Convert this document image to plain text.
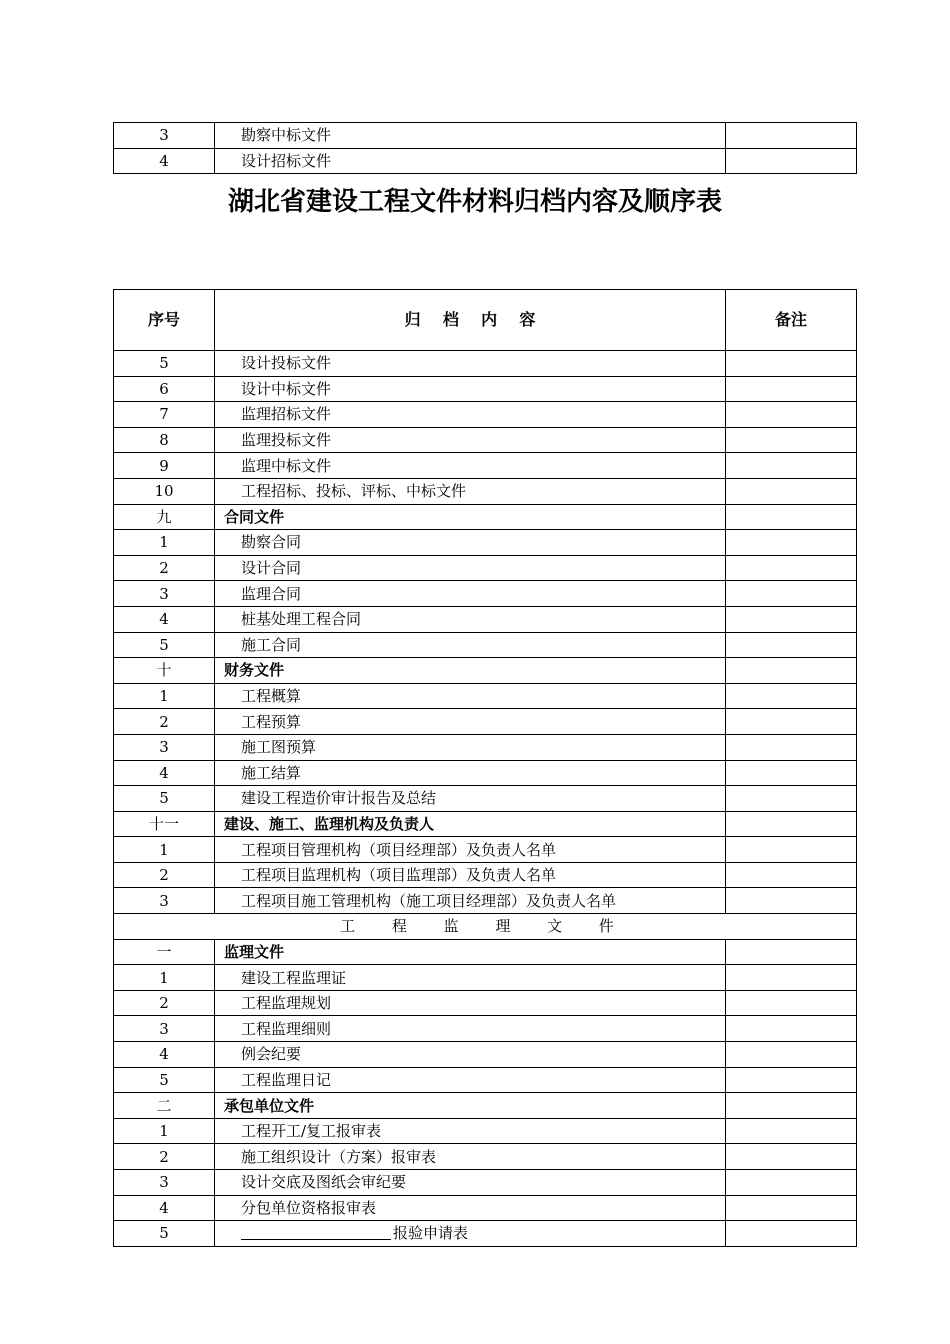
3	勘察中标文件	
4	设计招标文件	
湖北省建设工程文件材料归档内容及顺序表
序号	归    档    内    容	备注
5	设计投标文件	
6	设计中标文件	
7	监理招标文件	
8	监理投标文件	
9	监理中标文件	
10	工程招标、投标、评标、中标文件	
九	合同文件	
1	勘察合同	
2	设计合同	
3	监理合同	
4	桩基处理工程合同	
5	施工合同	
十	财务文件	
1	工程概算	
2	工程预算	
3	施工图预算	
4	施工结算	
5	建设工程造价审计报告及总结	
十一	建设、施工、监理机构及负责人	
1	工程项目管理机构（项目经理部）及负责人名单	
2	工程项目监理机构（项目监理部）及负责人名单	
3	工程项目施工管理机构（施工项目经理部）及负责人名单	
工 程 监 理 文 件		
一	监理文件	
1	建设工程监理证	
2	工程监理规划	
3	工程监理细则	
4	例会纪要	
5	工程监理日记	
二	承包单位文件	
1	工程开工/复工报审表	
2	施工组织设计（方案）报审表	
3	设计交底及图纸会审纪要	
4	分包单位资格报审表	
5	报验申请表	
